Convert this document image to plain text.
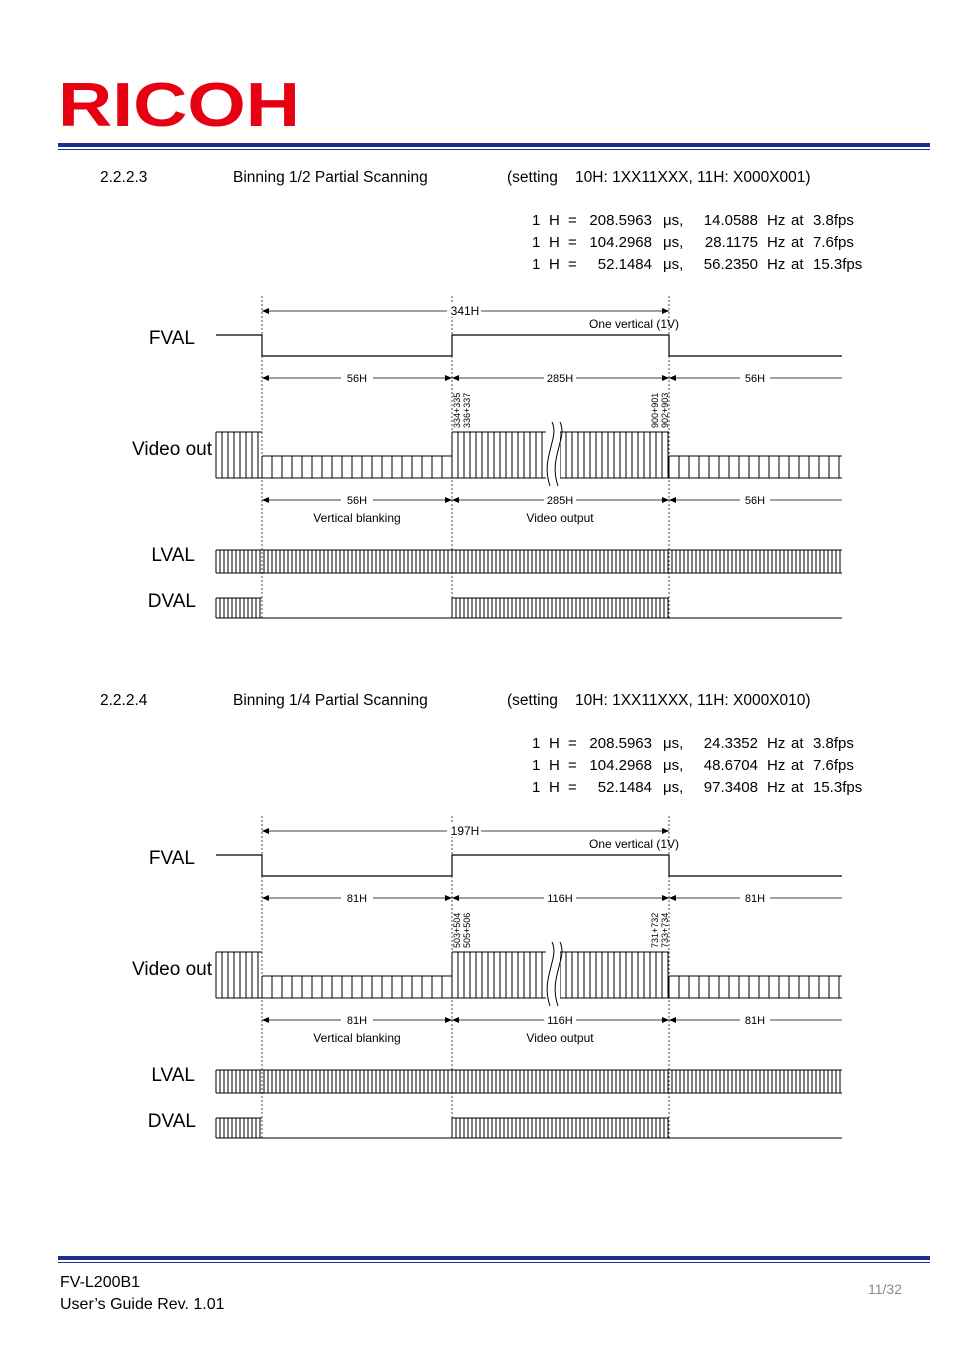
RICOH
2.2.2.3	Binning 1/2 Partial Scanning	(setting    10H: 1XX11XXX, 11H: X000X001)
FVAL
Video out
LVAL
DVAL
341H
One vertical (1V)
56H	285H	56H
334+335 336+337	900+901 902+903
56H	285H	56H
Vertical blanking	Video output
2.2.2.4	Binning 1/4 Partial Scanning	(setting    10H: 1XX11XXX, 11H: X000X010)
FVAL
Video out
LVAL
DVAL
197H
One vertical (1V)
81H	116H	81H
503+504 505+506	731+732 733+734
81H	116H	81H
Vertical blanking	Video output
FV-L200B1
User’s Guide Rev. 1.01
11/32
1 H = 208.5963 μs, 14.0588 Hz at 3.8fps
1 H = 104.2968 μs, 28.1175 Hz at 7.6fps
1 H = 52.1484 μs, 56.2350 Hz at 15.3fps
1 H = 208.5963 μs, 24.3352 Hz at 3.8fps
1 H = 104.2968 μs, 48.6704 Hz at 7.6fps
1 H = 52.1484 μs, 97.3408 Hz at 15.3fps
